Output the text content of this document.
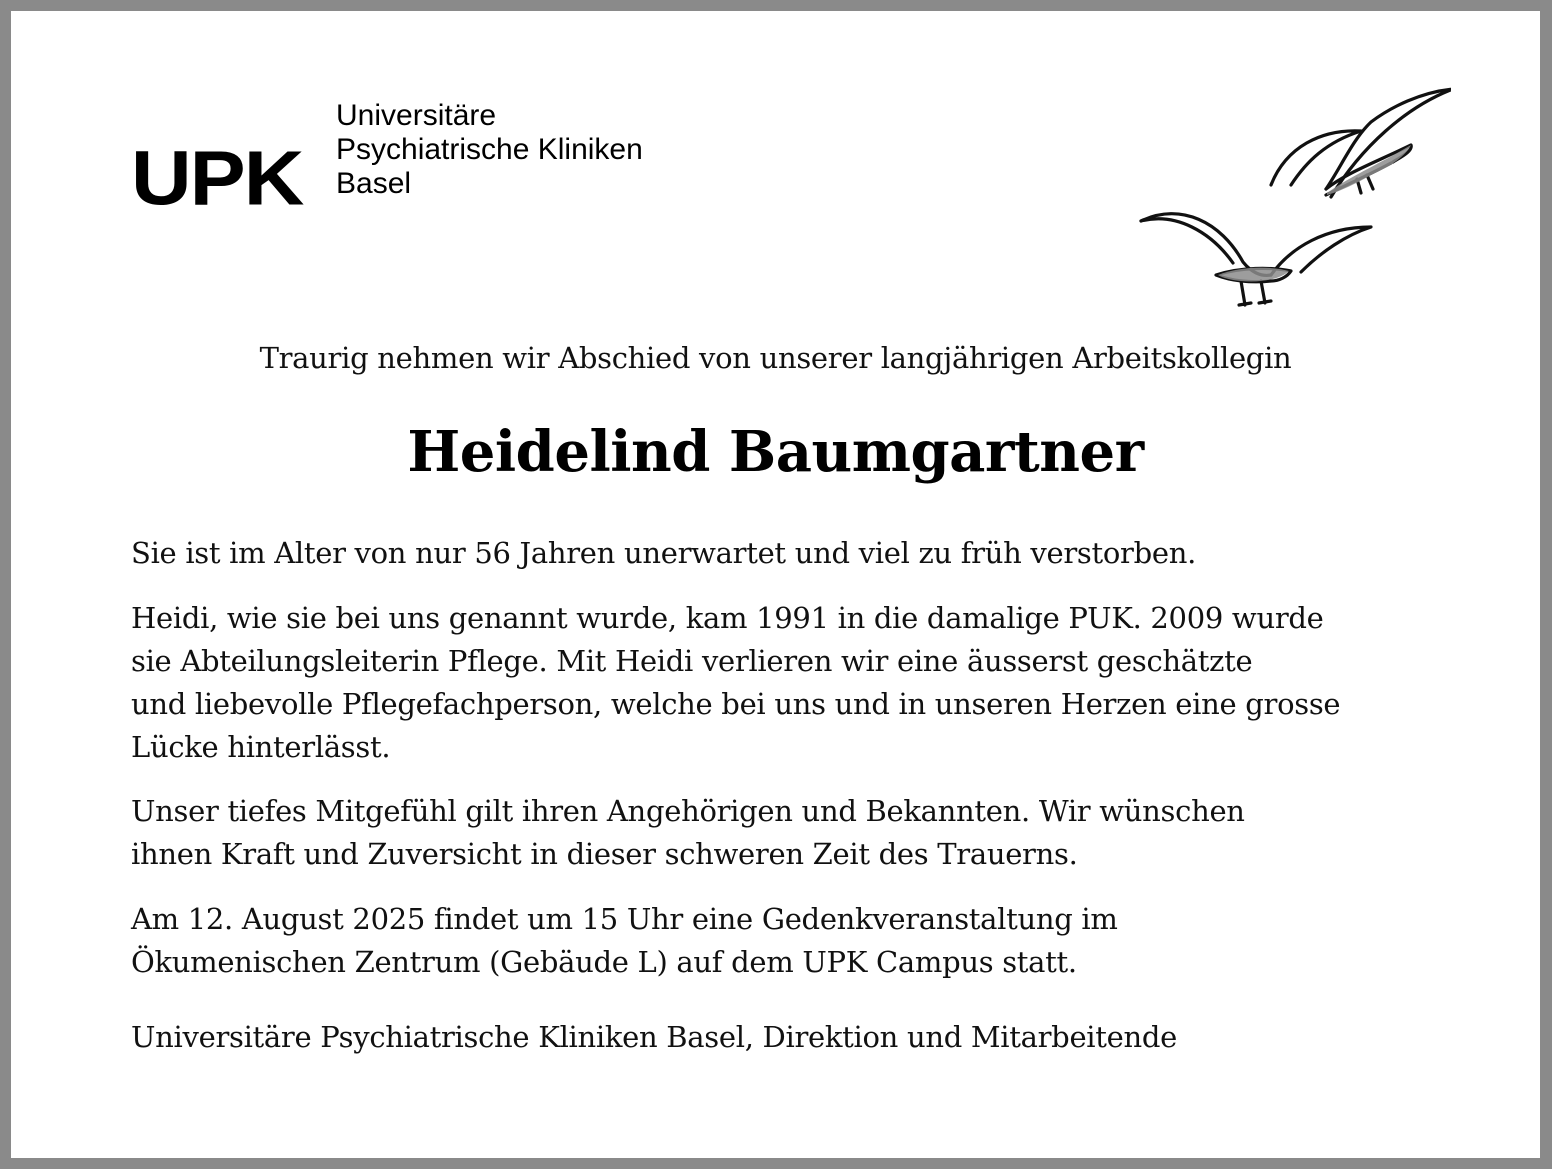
UPK
Universitäre
Psychiatrische Kliniken
Basel
Traurig nehmen wir Abschied von unserer langjährigen Arbeitskollegin
Heidelind Baumgartner
Sie ist im Alter von nur 56 Jahren unerwartet und viel zu früh verstorben.
Heidi, wie sie bei uns genannt wurde, kam 1991 in die damalige PUK. 2009 wurde
sie Abteilungsleiterin Pflege. Mit Heidi verlieren wir eine äusserst geschätzte
und liebevolle Pflegefachperson, welche bei uns und in unseren Herzen eine grosse
Lücke hinterlässt.
Unser tiefes Mitgefühl gilt ihren Angehörigen und Bekannten. Wir wünschen
ihnen Kraft und Zuversicht in dieser schweren Zeit des Trauerns.
Am 12. August 2025 findet um 15 Uhr eine Gedenkveranstaltung im
Ökumenischen Zentrum (Gebäude L) auf dem UPK Campus statt.
Universitäre Psychiatrische Kliniken Basel, Direktion und Mitarbeitende
